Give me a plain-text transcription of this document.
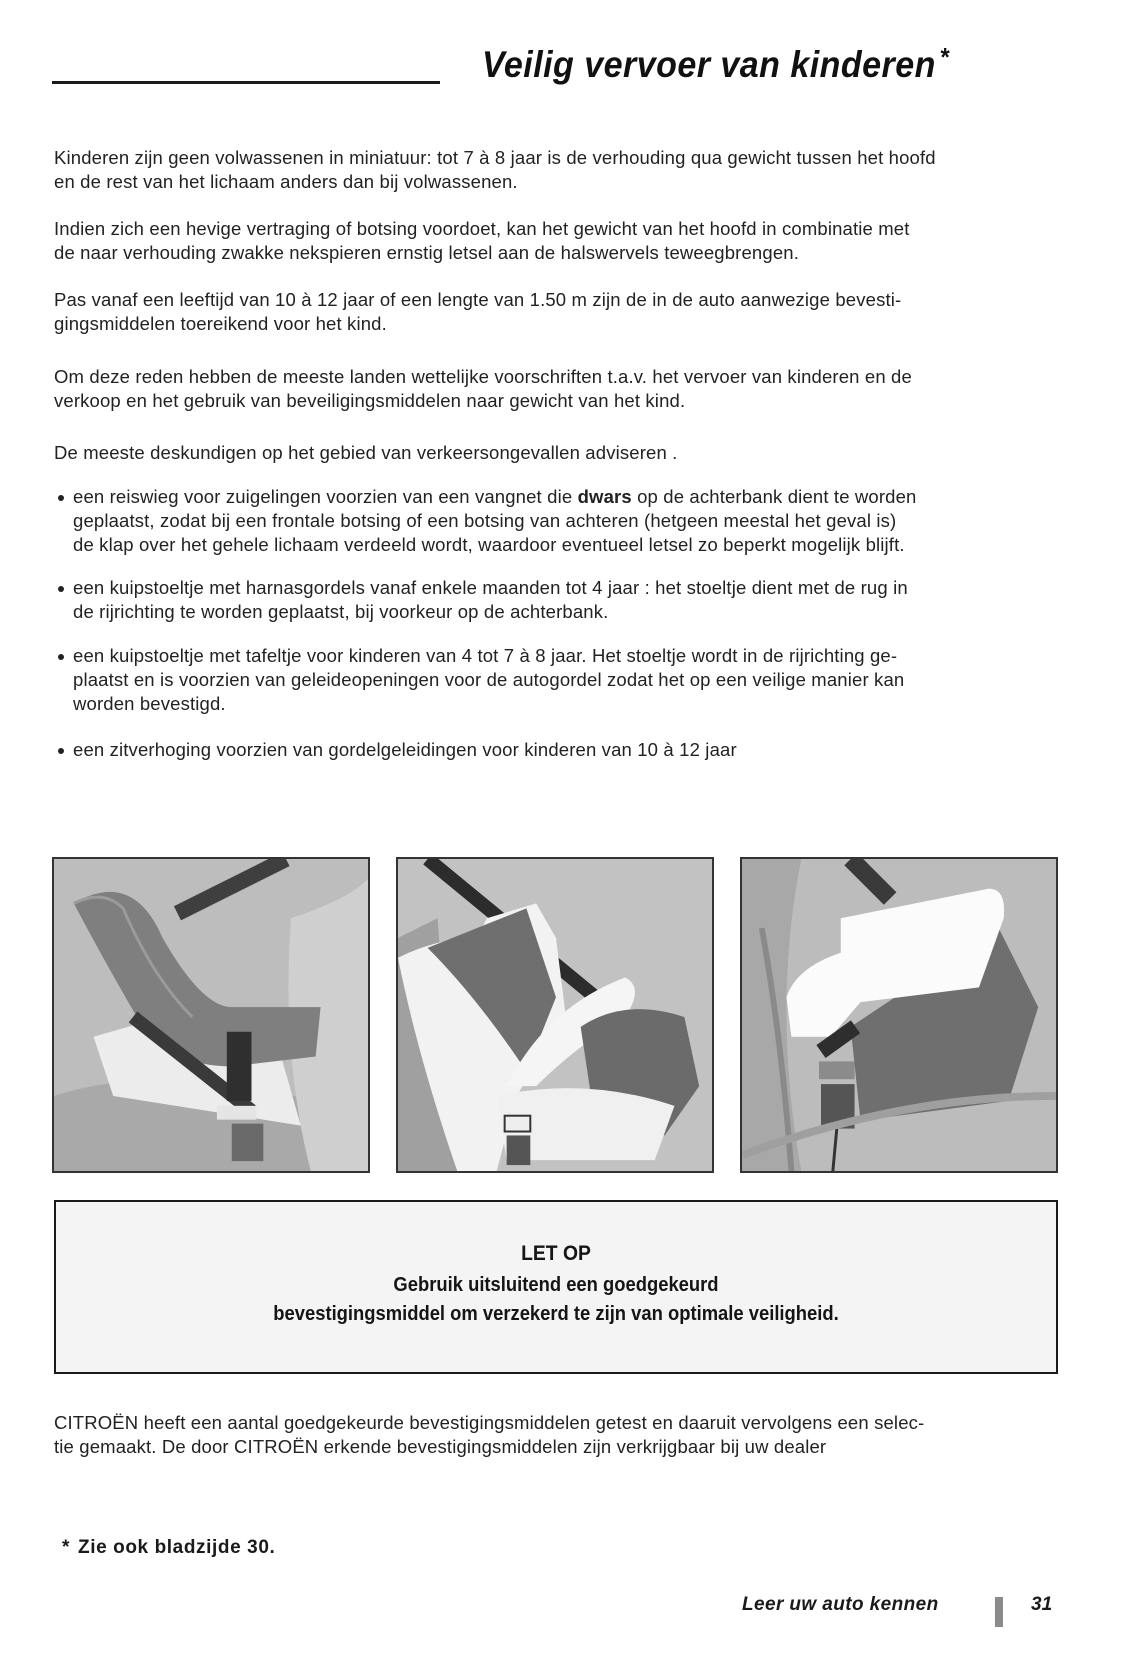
Veilig vervoer van kinderen *
Kinderen zijn geen volwassenen in miniatuur: tot 7 à 8 jaar is de verhouding qua gewicht tussen het hoofd
en de rest van het lichaam anders dan bij volwassenen.
Indien zich een hevige vertraging of botsing voordoet, kan het gewicht van het hoofd in combinatie met
de naar verhouding zwakke nekspieren ernstig letsel aan de halswervels teweegbrengen.
Pas vanaf een leeftijd van 10 à 12 jaar of een lengte van 1.50 m zijn de in de auto aanwezige bevesti-
gingsmiddelen toereikend voor het kind.
Om deze reden hebben de meeste landen wettelijke voorschriften t.a.v. het vervoer van kinderen en de
verkoop en het gebruik van beveiligingsmiddelen naar gewicht van het kind.
De meeste deskundigen op het gebied van verkeersongevallen adviseren .
een reiswieg voor zuigelingen voorzien van een vangnet die dwars op de achterbank dient te worden
geplaatst, zodat bij een frontale botsing of een botsing van achteren (hetgeen meestal het geval is)
de klap over het gehele lichaam verdeeld wordt, waardoor eventueel letsel zo beperkt mogelijk blijft.
een kuipstoeltje met harnasgordels vanaf enkele maanden tot 4 jaar : het stoeltje dient met de rug in
de rijrichting te worden geplaatst, bij voorkeur op de achterbank.
een kuipstoeltje met tafeltje voor kinderen van 4 tot 7 à 8 jaar. Het stoeltje wordt in de rijrichting ge-
plaatst en is voorzien van geleideopeningen voor de autogordel zodat het op een veilige manier kan
worden bevestigd.
een zitverhoging voorzien van gordelgeleidingen voor kinderen van 10 à 12 jaar
LET OP
Gebruik uitsluitend een goedgekeurd
bevestigingsmiddel om verzekerd te zijn van optimale veiligheid.
CITROËN heeft een aantal goedgekeurde bevestigingsmiddelen getest en daaruit vervolgens een selec-
tie gemaakt. De door CITROËN erkende bevestigingsmiddelen zijn verkrijgbaar bij uw dealer
* Zie ook bladzijde 30.
Leer uw auto kennen	31
